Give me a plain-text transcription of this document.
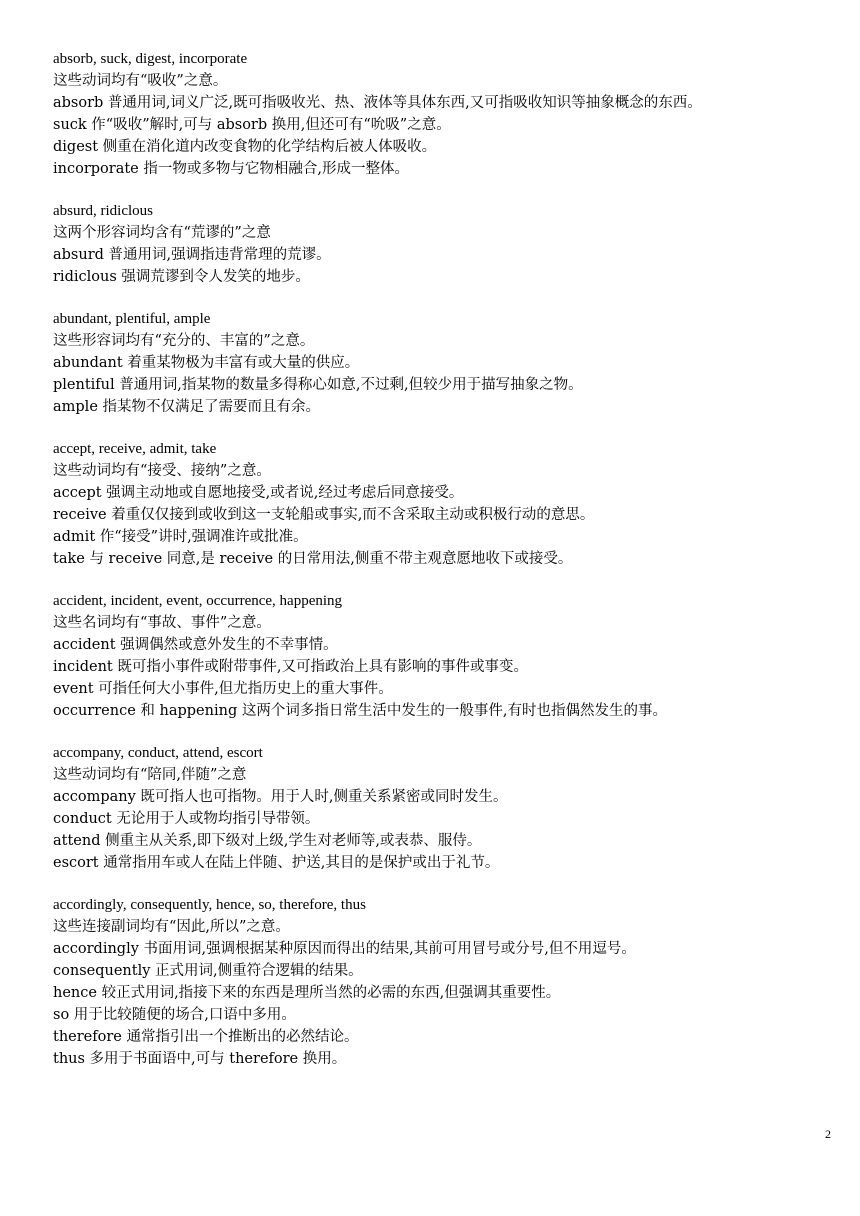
absorb, suck, digest, incorporate
这些动词均有“吸收”之意。
absorb 普通用词,词义广泛,既可指吸收光、热、液体等具体东西,又可指吸收知识等抽象概念的东西。
suck 作“吸收”解时,可与 absorb 换用,但还可有“吮吸”之意。
digest 侧重在消化道内改变食物的化学结构后被人体吸收。
incorporate 指一物或多物与它物相融合,形成一整体。
absurd, ridiclous
这两个形容词均含有“荒谬的”之意
absurd 普通用词,强调指违背常理的荒谬。
ridiclous 强调荒谬到令人发笑的地步。
abundant, plentiful, ample
这些形容词均有“充分的、丰富的”之意。
abundant 着重某物极为丰富有或大量的供应。
plentiful 普通用词,指某物的数量多得称心如意,不过剩,但较少用于描写抽象之物。
ample 指某物不仅满足了需要而且有余。
accept, receive, admit, take
这些动词均有“接受、接纳”之意。
accept 强调主动地或自愿地接受,或者说,经过考虑后同意接受。
receive 着重仅仅接到或收到这一支轮船或事实,而不含采取主动或积极行动的意思。
admit 作“接受”讲时,强调准许或批准。
take 与 receive 同意,是 receive 的日常用法,侧重不带主观意愿地收下或接受。
accident, incident, event, occurrence, happening
这些名词均有“事故、事件”之意。
accident 强调偶然或意外发生的不幸事情。
incident 既可指小事件或附带事件,又可指政治上具有影响的事件或事变。
event 可指任何大小事件,但尤指历史上的重大事件。
occurrence 和 happening 这两个词多指日常生活中发生的一般事件,有时也指偶然发生的事。
accompany, conduct, attend, escort
这些动词均有“陪同,伴随”之意
accompany 既可指人也可指物。用于人时,侧重关系紧密或同时发生。
conduct 无论用于人或物均指引导带领。
attend 侧重主从关系,即下级对上级,学生对老师等,或表恭、服侍。
escort 通常指用车或人在陆上伴随、护送,其目的是保护或出于礼节。
accordingly, consequently, hence, so, therefore, thus
这些连接副词均有“因此,所以”之意。
accordingly 书面用词,强调根据某种原因而得出的结果,其前可用冒号或分号,但不用逗号。
consequently 正式用词,侧重符合逻辑的结果。
hence 较正式用词,指接下来的东西是理所当然的必需的东西,但强调其重要性。
so 用于比较随便的场合,口语中多用。
therefore 通常指引出一个推断出的必然结论。
thus 多用于书面语中,可与 therefore 换用。
2
